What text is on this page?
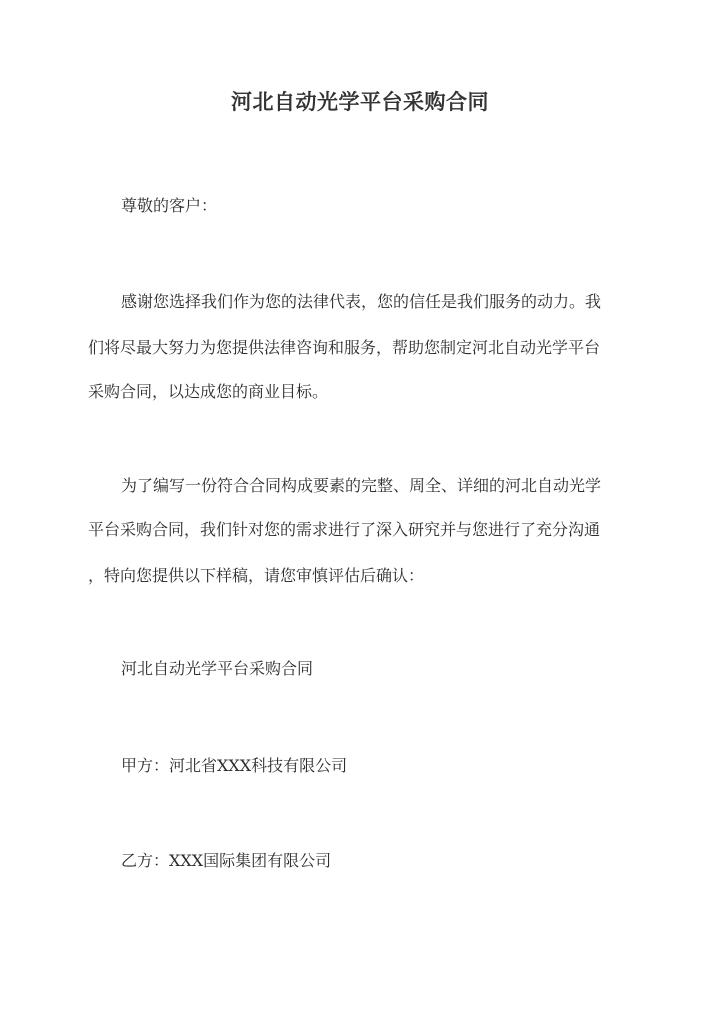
河北自动光学平台采购合同
尊敬的客户：
感谢您选择我们作为您的法律代表，您的信任是我们服务的动力。我
们将尽最大努力为您提供法律咨询和服务，帮助您制定河北自动光学平台
采购合同，以达成您的商业目标。
为了编写一份符合合同构成要素的完整、周全、详细的河北自动光学
平台采购合同，我们针对您的需求进行了深入研究并与您进行了充分沟通
，特向您提供以下样稿，请您审慎评估后确认：
河北自动光学平台采购合同
甲方：河北省XXX科技有限公司
乙方：XXX国际集团有限公司
